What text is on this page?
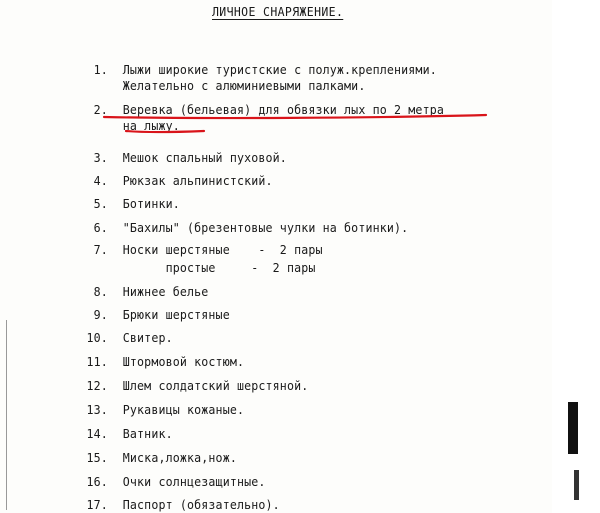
ЛИЧНОЕ СНАРЯЖЕНИЕ.
1. Лыжи широкие туристские с полуж.креплениями.
Желательно с алюминиевыми палками.
2. Веревка (бельевая) для обвязки лых по 2 метра
на лыжу.
3. Мешок спальный пуховой.
4. Рюкзак альпинистский.
5. Ботинки.
6. "Бахилы" (брезентовые чулки на ботинки).
7. Носки шерстяные    -  2 пары
простые     -  2 пары
8. Нижнее белье
9. Брюки шерстяные
10. Свитер.
11. Штормовой костюм.
12. Шлем солдатский шерстяной.
13. Рукавицы кожаные.
14. Ватник.
15. Миска,ложка,нож.
16. Очки солнцезащитные.
17. Паспорт (обязательно).
